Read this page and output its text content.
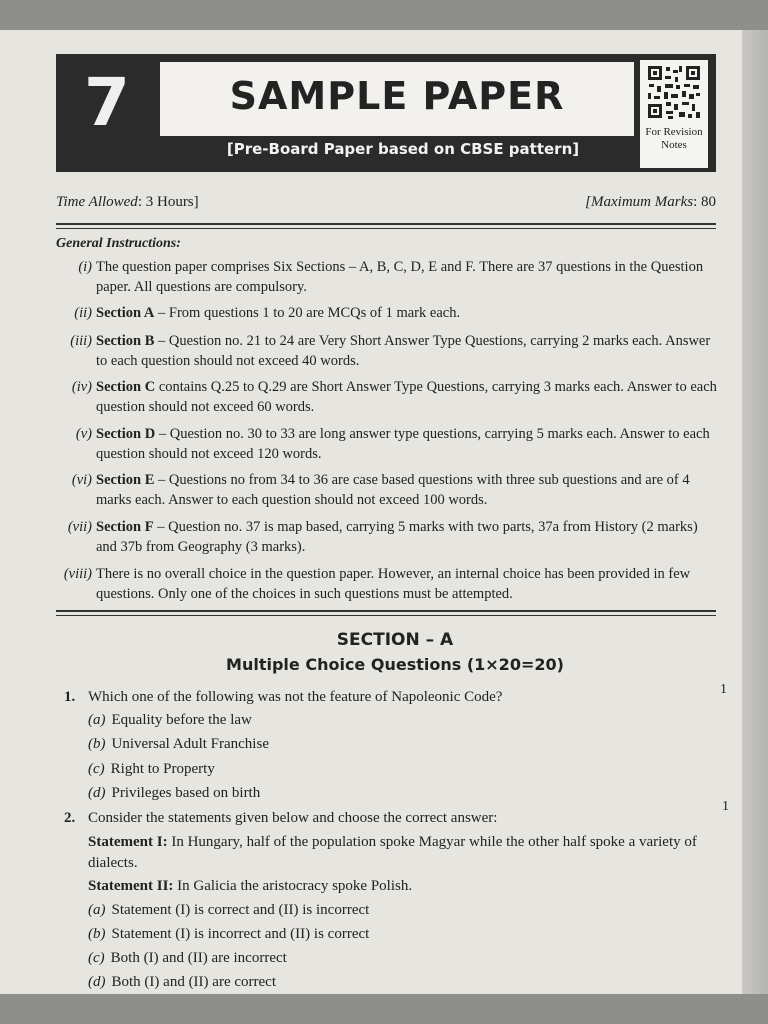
7	SAMPLE PAPER
[Pre-Board Paper based on CBSE pattern]
For Revision
Notes
Time Allowed: 3 Hours]	[Maximum Marks: 80
General Instructions:
(i) The question paper comprises Six Sections – A, B, C, D, E and F. There are 37 questions in the Question paper. All questions are compulsory.
(ii) Section A – From questions 1 to 20 are MCQs of 1 mark each.
(iii) Section B – Question no. 21 to 24 are Very Short Answer Type Questions, carrying 2 marks each. Answer to each question should not exceed 40 words.
(iv) Section C contains Q.25 to Q.29 are Short Answer Type Questions, carrying 3 marks each. Answer to each question should not exceed 60 words.
(v) Section D – Question no. 30 to 33 are long answer type questions, carrying 5 marks each. Answer to each question should not exceed 120 words.
(vi) Section E – Questions no from 34 to 36 are case based questions with three sub questions and are of 4 marks each. Answer to each question should not exceed 100 words.
(vii) Section F – Question no. 37 is map based, carrying 5 marks with two parts, 37a from History (2 marks) and 37b from Geography (3 marks).
(viii) There is no overall choice in the question paper. However, an internal choice has been provided in few questions. Only one of the choices in such questions must be attempted.
SECTION – A
Multiple Choice Questions (1×20=20)
1. Which one of the following was not the feature of Napoleonic Code?	1
(a) Equality before the law
(b) Universal Adult Franchise
(c) Right to Property
(d) Privileges based on birth
1
2. Consider the statements given below and choose the correct answer:
Statement I: In Hungary, half of the population spoke Magyar while the other half spoke a variety of dialects.
Statement II: In Galicia the aristocracy spoke Polish.
(a) Statement (I) is correct and (II) is incorrect
(b) Statement (I) is incorrect and (II) is correct
(c) Both (I) and (II) are incorrect
(d) Both (I) and (II) are correct
